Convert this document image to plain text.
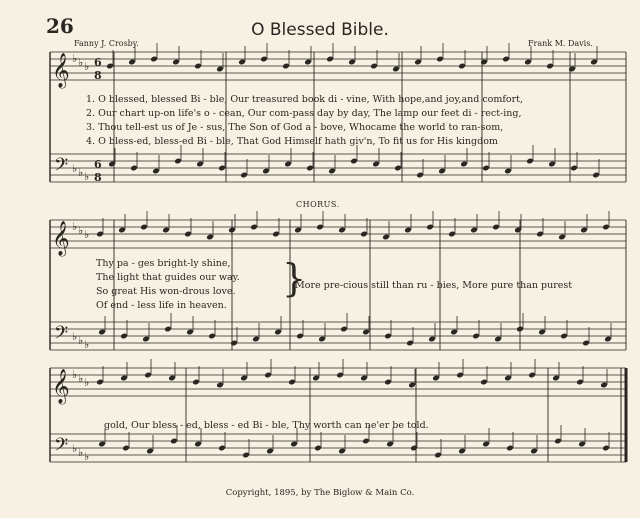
26	O Blessed Bible.
Fanny J. Crosby.	Frank M. Davis.
1. O blessed, blessed Bi - ble, Our treasured book di - vine, With hope,and joy,and comfort,
2. Our chart up-on life's o - cean, Our com-pass day by day, The lamp our feet di - rect-ing,
3. Thou tell-est us of Je - sus, The Son of God a - bove, Whocame the world to ran-som,
4. O bless-ed, bless-ed Bi - ble, That God Himself hath giv'n, To fit us for His kingdom
CHORUS.
Thy pa - ges bright-ly shine,
The light that guides our way.
So great His won-drous love.
Of end - less life in heaven.
}
More pre-cious still than ru - bies, More pure than purest
gold, Our bless - ed, bless - ed Bi - ble, Thy worth can ne'er be told.
Copyright, 1895, by The Biglow & Main Co.
𝄞
𝄢
♭
♭
♭
♭
♭
♭
6
8
6
8
𝄞
𝄢
♭
♭
♭
♭
♭
♭
𝄞
𝄢
♭
♭
♭
♭
♭
♭
